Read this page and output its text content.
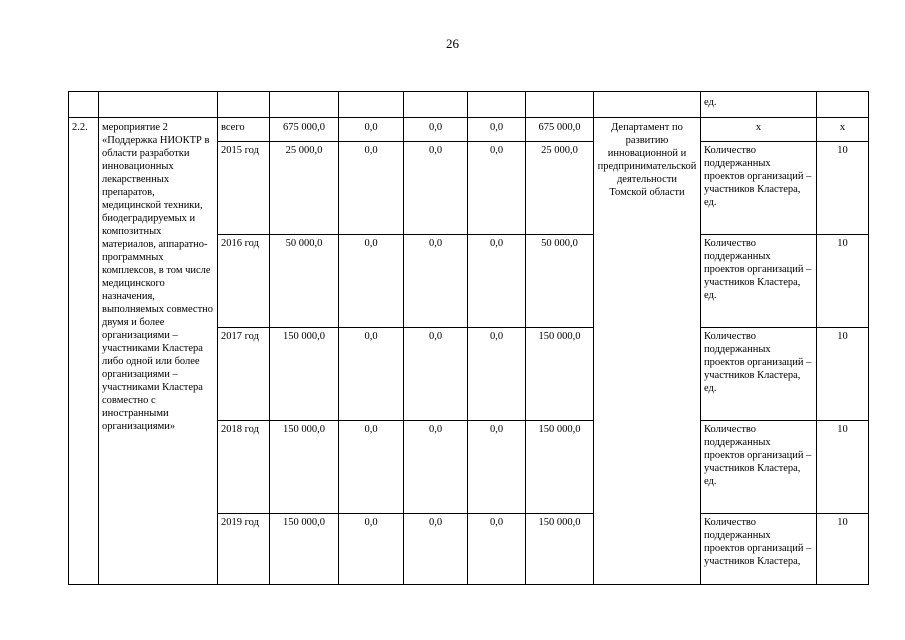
26
									ед.	
2.2.	мероприятие 2 «Поддержка НИОКТР в области разработки инновационных лекарственных препаратов, медицинской техники, биодеградируемых и композитных материалов, аппаратно-программных комплексов, в том числе медицинского назначения, выполняемых совместно двумя и более организациями – участниками Кластера либо одной или более организациями – участниками Кластера совместно с иностранными организациями»	всего	675 000,0	0,0	0,0	0,0	675 000,0	Департамент по развитию инновационной и предпринимательской деятельности Томской области	x	x
		2015 год	25 000,0	0,0	0,0	0,0	25 000,0		Количество поддержанных проектов организаций – участников Кластера, ед.	10
		2016 год	50 000,0	0,0	0,0	0,0	50 000,0		Количество поддержанных проектов организаций – участников Кластера, ед.	10
		2017 год	150 000,0	0,0	0,0	0,0	150 000,0		Количество поддержанных проектов организаций – участников Кластера, ед.	10
		2018 год	150 000,0	0,0	0,0	0,0	150 000,0		Количество поддержанных проектов организаций – участников Кластера, ед.	10
		2019 год	150 000,0	0,0	0,0	0,0	150 000,0		Количество поддержанных проектов организаций – участников Кластера,	10
